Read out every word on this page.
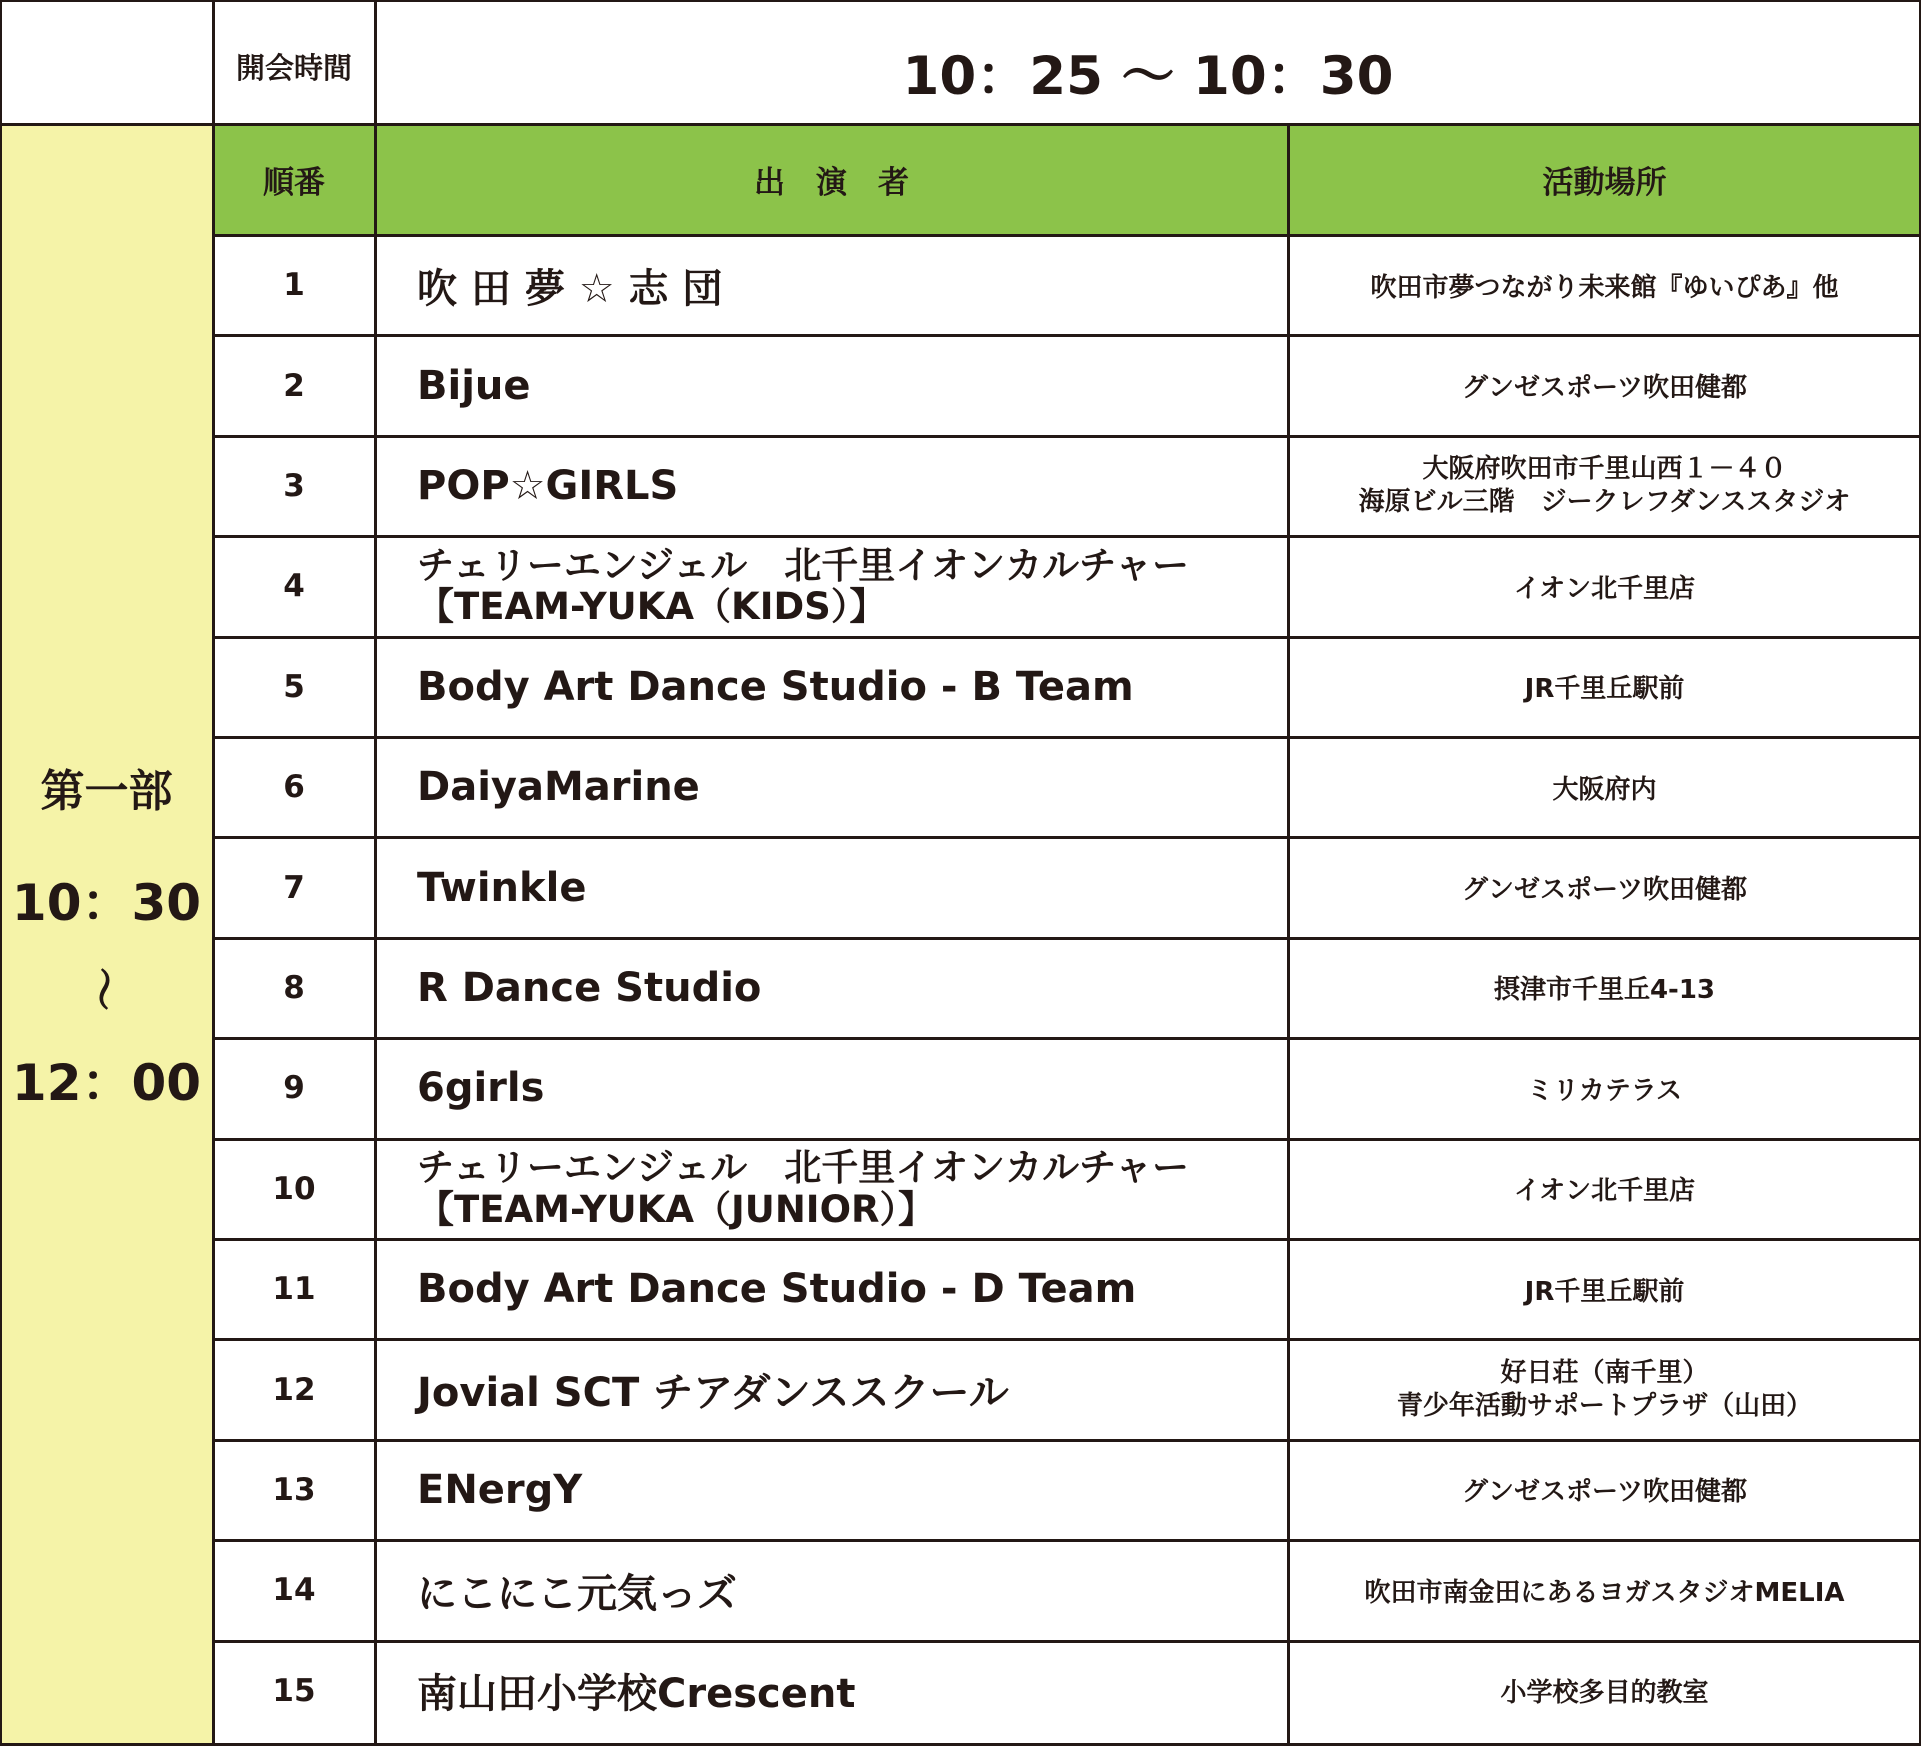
開会時間	10：25 ～ 10：30
第一部
10：30
～
12：00
順番	出　演　者	活動場所
1	吹 田 夢 ☆ 志 団	吹田市夢つながり未来館『ゆいぴあ』他
2	Bijue	グンゼスポーツ吹田健都
3	POP☆GIRLS	大阪府吹田市千里山西１－４０
海原ビル三階　ジークレフダンススタジオ
4	チェリーエンジェル　北千里イオンカルチャー
【TEAM-YUKA（KIDS）】	イオン北千里店
5	Body Art Dance Studio - B Team	JR千里丘駅前
6	DaiyaMarine	大阪府内
7	Twinkle	グンゼスポーツ吹田健都
8	R Dance Studio	摂津市千里丘4-13
9	6girls	ミリカテラス
10	チェリーエンジェル　北千里イオンカルチャー
【TEAM-YUKA（JUNIOR）】	イオン北千里店
11	Body Art Dance Studio - D Team	JR千里丘駅前
12	Jovial SCT チアダンススクール	好日荘（南千里）
青少年活動サポートプラザ（山田）
13	ENergY	グンゼスポーツ吹田健都
14	にこにこ元気っズ	吹田市南金田にあるヨガスタジオMELIA
15	南山田小学校Crescent	小学校多目的教室
